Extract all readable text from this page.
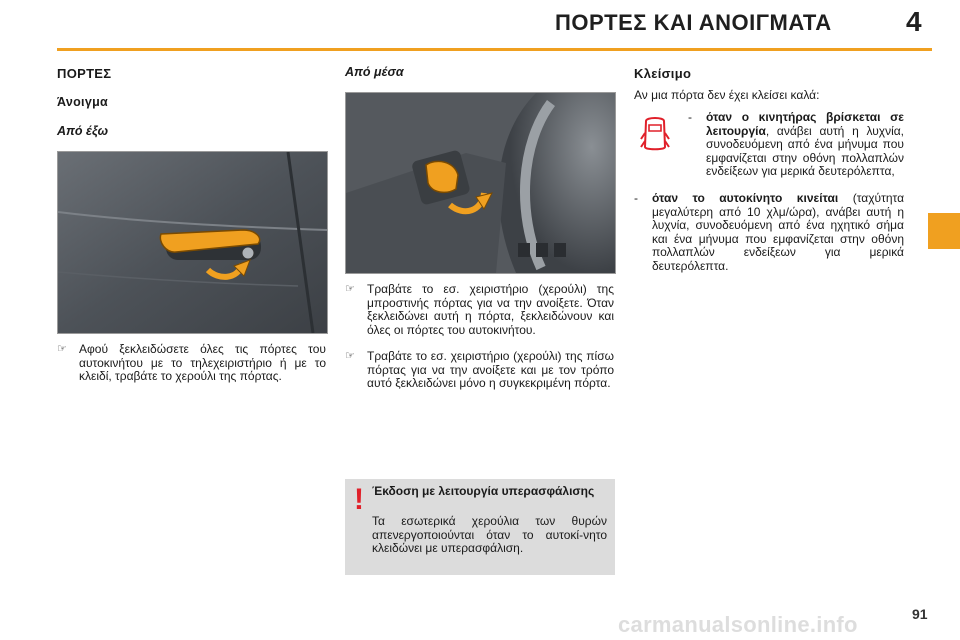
ΠΟΡΤΕΣ ΚΑΙ ΑΝΟΙΓΜΑΤΑ	4
ΠΟΡΤΕΣ
Άνοιγμα
Από έξω
☞ Αφού ξεκλειδώσετε όλες τις πόρτες του αυτοκινήτου με το τηλεχειριστήριο ή με το κλειδί, τραβάτε το χερούλι της πόρτας.
Από μέσα
☞ Τραβάτε το εσ. χειριστήριο (χερούλι) της μπροστινής πόρτας για να την ανοίξετε. Όταν ξεκλειδώνει αυτή η πόρτα, ξεκλειδώνουν και όλες οι πόρτες του αυτοκινήτου.
☞ Τραβάτε το εσ. χειριστήριο (χερούλι) της πίσω πόρτας για να την ανοίξετε και με τον τρόπο αυτό ξεκλειδώνει μόνο η συγκεκριμένη πόρτα.
! Έκδοση με λειτουργία υπερασφάλισης
Τα εσωτερικά χερούλια των θυρών απενεργοποιούνται όταν το αυτοκί-νητο κλειδώνει με υπερασφάλιση.
Κλείσιμο
Αν μια πόρτα δεν έχει κλείσει καλά:
- όταν ο κινητήρας βρίσκεται σε λειτουργία, ανάβει αυτή η λυχνία, συνοδευόμενη από ένα μήνυμα που εμφανίζεται στην οθόνη πολλαπλών ενδείξεων για μερικά δευτερόλεπτα,
- όταν το αυτοκίνητο κινείται (ταχύτητα μεγαλύτερη από 10 χλμ/ώρα), ανάβει αυτή η λυχνία, συνοδευόμενη από ένα ηχητικό σήμα και ένα μήνυμα που εμφανίζεται στην οθόνη πολλαπλών ενδείξεων για μερικά δευτερόλεπτα.
91
carmanualsonline.info
